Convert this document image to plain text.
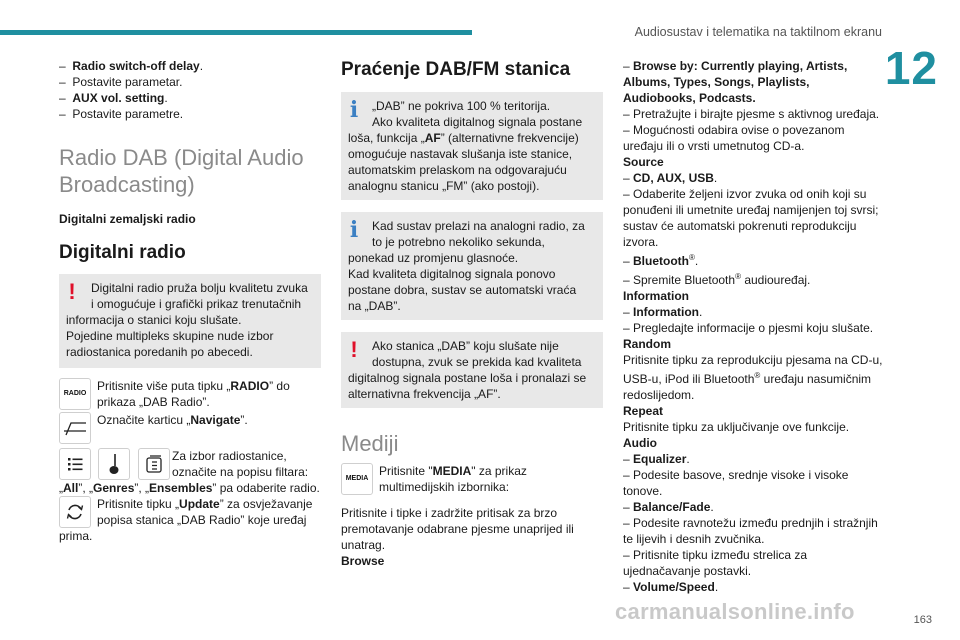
Audiosustav i telematika na taktilnom ekranu
12
– Radio switch-off delay.
– Postavite parametar.
– AUX vol. setting.
– Postavite parametre.
Radio DAB (Digital Audio
Broadcasting)
Digitalni zemaljski radio
Digitalni radio
!	Digitalni radio pruža bolju kvalitetu zvuka
i omogućuje i grafički prikaz trenutačnih
informacija o stanici koju slušate.
Pojedine multipleks skupine nude izbor
radiostanica poredanih po abecedi.
RADIO
Pritisnite više puta tipku „RADIO” do
prikaza „DAB Radio”.
Označite karticu „Navigate”.

Za izbor radiostanice,
označite na popisu filtara:
„All”, „Genres”, „Ensembles” pa odaberite radio.
Pritisnite tipku „Update” za osvježavanje
popisa stanica „DAB Radio” koje uređaj
prima.
Praćenje DAB/FM stanica
i	„DAB” ne pokriva 100 % teritorija.
Ako kvaliteta digitalnog signala postane
loša, funkcija „AF” (alternativne frekvencije)
omogućuje nastavak slušanja iste stanice,
automatskim prelaskom na odgovarajuću
analognu stanicu „FM” (ako postoji).
i	Kad sustav prelazi na analogni radio, za
to je potrebno nekoliko sekunda,
ponekad uz promjenu glasnoće.
Kad kvaliteta digitalnog signala ponovo
postane dobra, sustav se automatski vraća
na „DAB”.
!	Ako stanica „DAB” koju slušate nije
dostupna, zvuk se prekida kad kvaliteta
digitalnog signala postane loša i pronalazi se
alternativna frekvencija „AF”.
Mediji
MEDIA
Pritisnite "MEDIA" za prikaz
multimedijskih izbornika:
Pritisnite i tipke i zadržite pritisak za brzo
premotavanje odabrane pjesme unaprijed ili
unatrag.
Browse
– Browse by: Currently playing, Artists,
Albums, Types, Songs, Playlists,
Audiobooks, Podcasts.
– Pretražujte i birajte pjesme s aktivnog uređaja.
– Mogućnosti odabira ovise o povezanom
uređaju ili o vrsti umetnutog CD-a.
Source
– CD, AUX, USB.
– Odaberite željeni izvor zvuka od onih koji su
ponuđeni ili umetnite uređaj namijenjen toj svrsi;
sustav će automatski pokrenuti reprodukciju
izvora.
– Bluetooth®.
– Spremite Bluetooth® audiouređaj.
Information
– Information.
– Pregledajte informacije o pjesmi koju slušate.
Random
Pritisnite tipku za reprodukciju pjesama na CD-u,
USB-u, iPod ili Bluetooth® uređaju nasumičnim
redoslijedom.
Repeat
Pritisnite tipku za uključivanje ove funkcije.
Audio
– Equalizer.
– Podesite basove, srednje visoke i visoke
tonove.
– Balance/Fade.
– Podesite ravnotežu između prednjih i stražnjih
te lijevih i desnih zvučnika.
– Pritisnite tipku između strelica za
ujednačavanje postavki.
– Volume/Speed.
carmanualsonline.info	163
